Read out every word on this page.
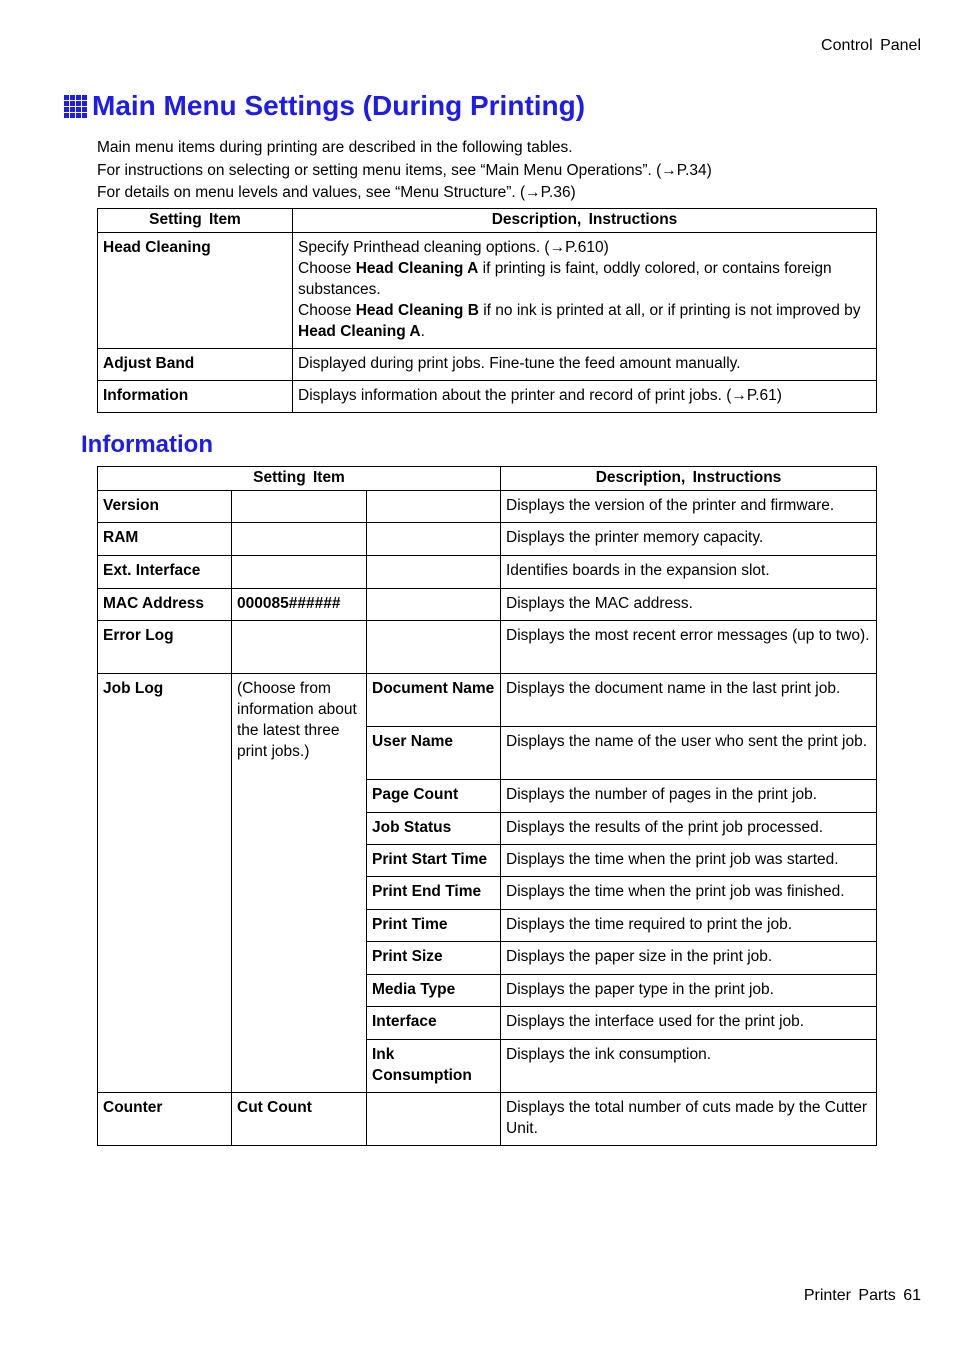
Control Panel
Main Menu Settings (During Printing)

Main menu items during printing are described in the following tables.

For instructions on selecting or setting menu items, see “Main Menu Operations”. (→P.34)

For details on menu levels and values, see “Menu Structure”. (→P.36)

Setting Item	Description, Instructions
Head Cleaning	Specify Printhead cleaning options. (→P.610)
Choose Head Cleaning A if printing is faint, oddly colored, or contains foreign substances.
Choose Head Cleaning B if no ink is printed at all, or if printing is not improved by Head Cleaning A.
Adjust Band	Displayed during print jobs. Fine-tune the feed amount manually.
Information	Displays information about the printer and record of print jobs. (→P.61)
Information
Setting Item			Description, Instructions
Version			Displays the version of the printer and firmware.
RAM			Displays the printer memory capacity.
Ext. Interface			Identifies boards in the expansion slot.
MAC Address	000085######		Displays the MAC address.
Error Log			Displays the most recent error messages (up to two).
Job Log	(Choose from information about the latest three print jobs.)	Document Name	Displays the document name in the last print job.
		User Name	Displays the name of the user who sent the print job.
		Page Count	Displays the number of pages in the print job.
		Job Status	Displays the results of the print job processed.
		Print Start Time	Displays the time when the print job was started.
		Print End Time	Displays the time when the print job was finished.
		Print Time	Displays the time required to print the job.
		Print Size	Displays the paper size in the print job.
		Media Type	Displays the paper type in the print job.
		Interface	Displays the interface used for the print job.
		Ink Consumption	Displays the ink consumption.
Counter	Cut Count		Displays the total number of cuts made by the Cutter Unit.
Printer Parts 61
